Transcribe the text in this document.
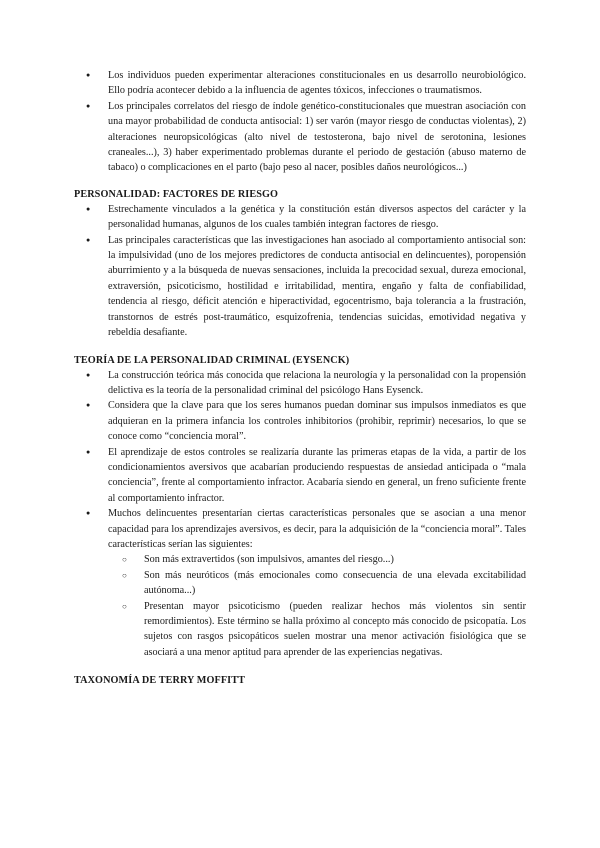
● Los individuos pueden experimentar alteraciones constitucionales en us desarrollo neurobiológico. Ello podría acontecer debido a la influencia de agentes tóxicos, infecciones o traumatismos.
● Los principales correlatos del riesgo de índole genético-constitucionales que muestran asociación con una mayor probabilidad de conducta antisocial: 1) ser varón (mayor riesgo de conductas violentas), 2) alteraciones neuropsicológicas (alto nivel de testosterona, bajo nivel de serotonina, lesiones craneales...), 3) haber experimentado problemas durante el periodo de gestación (abuso materno de tabaco) o complicaciones en el parto (bajo peso al nacer, posibles daños neurológicos...)
PERSONALIDAD: FACTORES DE RIESGO
● Estrechamente vinculados a la genética y la constitución están diversos aspectos del carácter y la personalidad humanas, algunos de los cuales también integran factores de riesgo.
● Las principales características que las investigaciones han asociado al comportamiento antisocial son: la impulsividad (uno de los mejores predictores de conducta antisocial en delincuentes), poropensión aburrimiento y a la búsqueda de nuevas sensaciones, incluida la precocidad sexual, dureza emocional, extraversión, psicoticismo, hostilidad e irritabilidad, mentira, engaño y falta de confiabilidad, tendencia al riesgo, déficit atención e hiperactividad, egocentrismo, baja tolerancia a la frustración, transtornos de estrés post-traumático, esquizofrenia, tendencias suicidas, emotividad negativa y rebeldía desafiante.
TEORÍA DE LA PERSONALIDAD CRIMINAL (EYSENCK)
● La construcción teórica más conocida que relaciona la neurología y la personalidad con la propensión delictiva es la teoría de la personalidad criminal del psicólogo Hans Eysenck.
● Considera que la clave para que los seres humanos puedan dominar sus impulsos inmediatos es que adquieran en la primera infancia los controles inhibitorios (prohibir, reprimir) necesarios, lo que se conoce como “conciencia moral”.
● El aprendizaje de estos controles se realizaría durante las primeras etapas de la vida, a partir de los condicionamientos aversivos que acabarían produciendo respuestas de ansiedad anticipada o “mala conciencia”, frente al comportamiento infractor. Acabaría siendo en general, un freno suficiente frente al comportamiento infractor.
● Muchos delincuentes presentarían ciertas características personales que se asocian a una menor capacidad para los aprendizajes aversivos, es decir, para la adquisición de la “conciencia moral”. Tales características serían las siguientes:
○ Son más extravertidos (son impulsivos, amantes del riesgo...)
○ Son más neuróticos (más emocionales como consecuencia de una elevada excitabilidad autónoma...)
○ Presentan mayor psicoticismo (pueden realizar hechos más violentos sin sentir remordimientos). Este término se halla próximo al concepto más conocido de psicopatía. Los sujetos con rasgos psicopáticos suelen mostrar una menor activación fisiológica que se asociará a una menor aptitud para aprender de las experiencias negativas.
TAXONOMÍA DE TERRY MOFFITT
